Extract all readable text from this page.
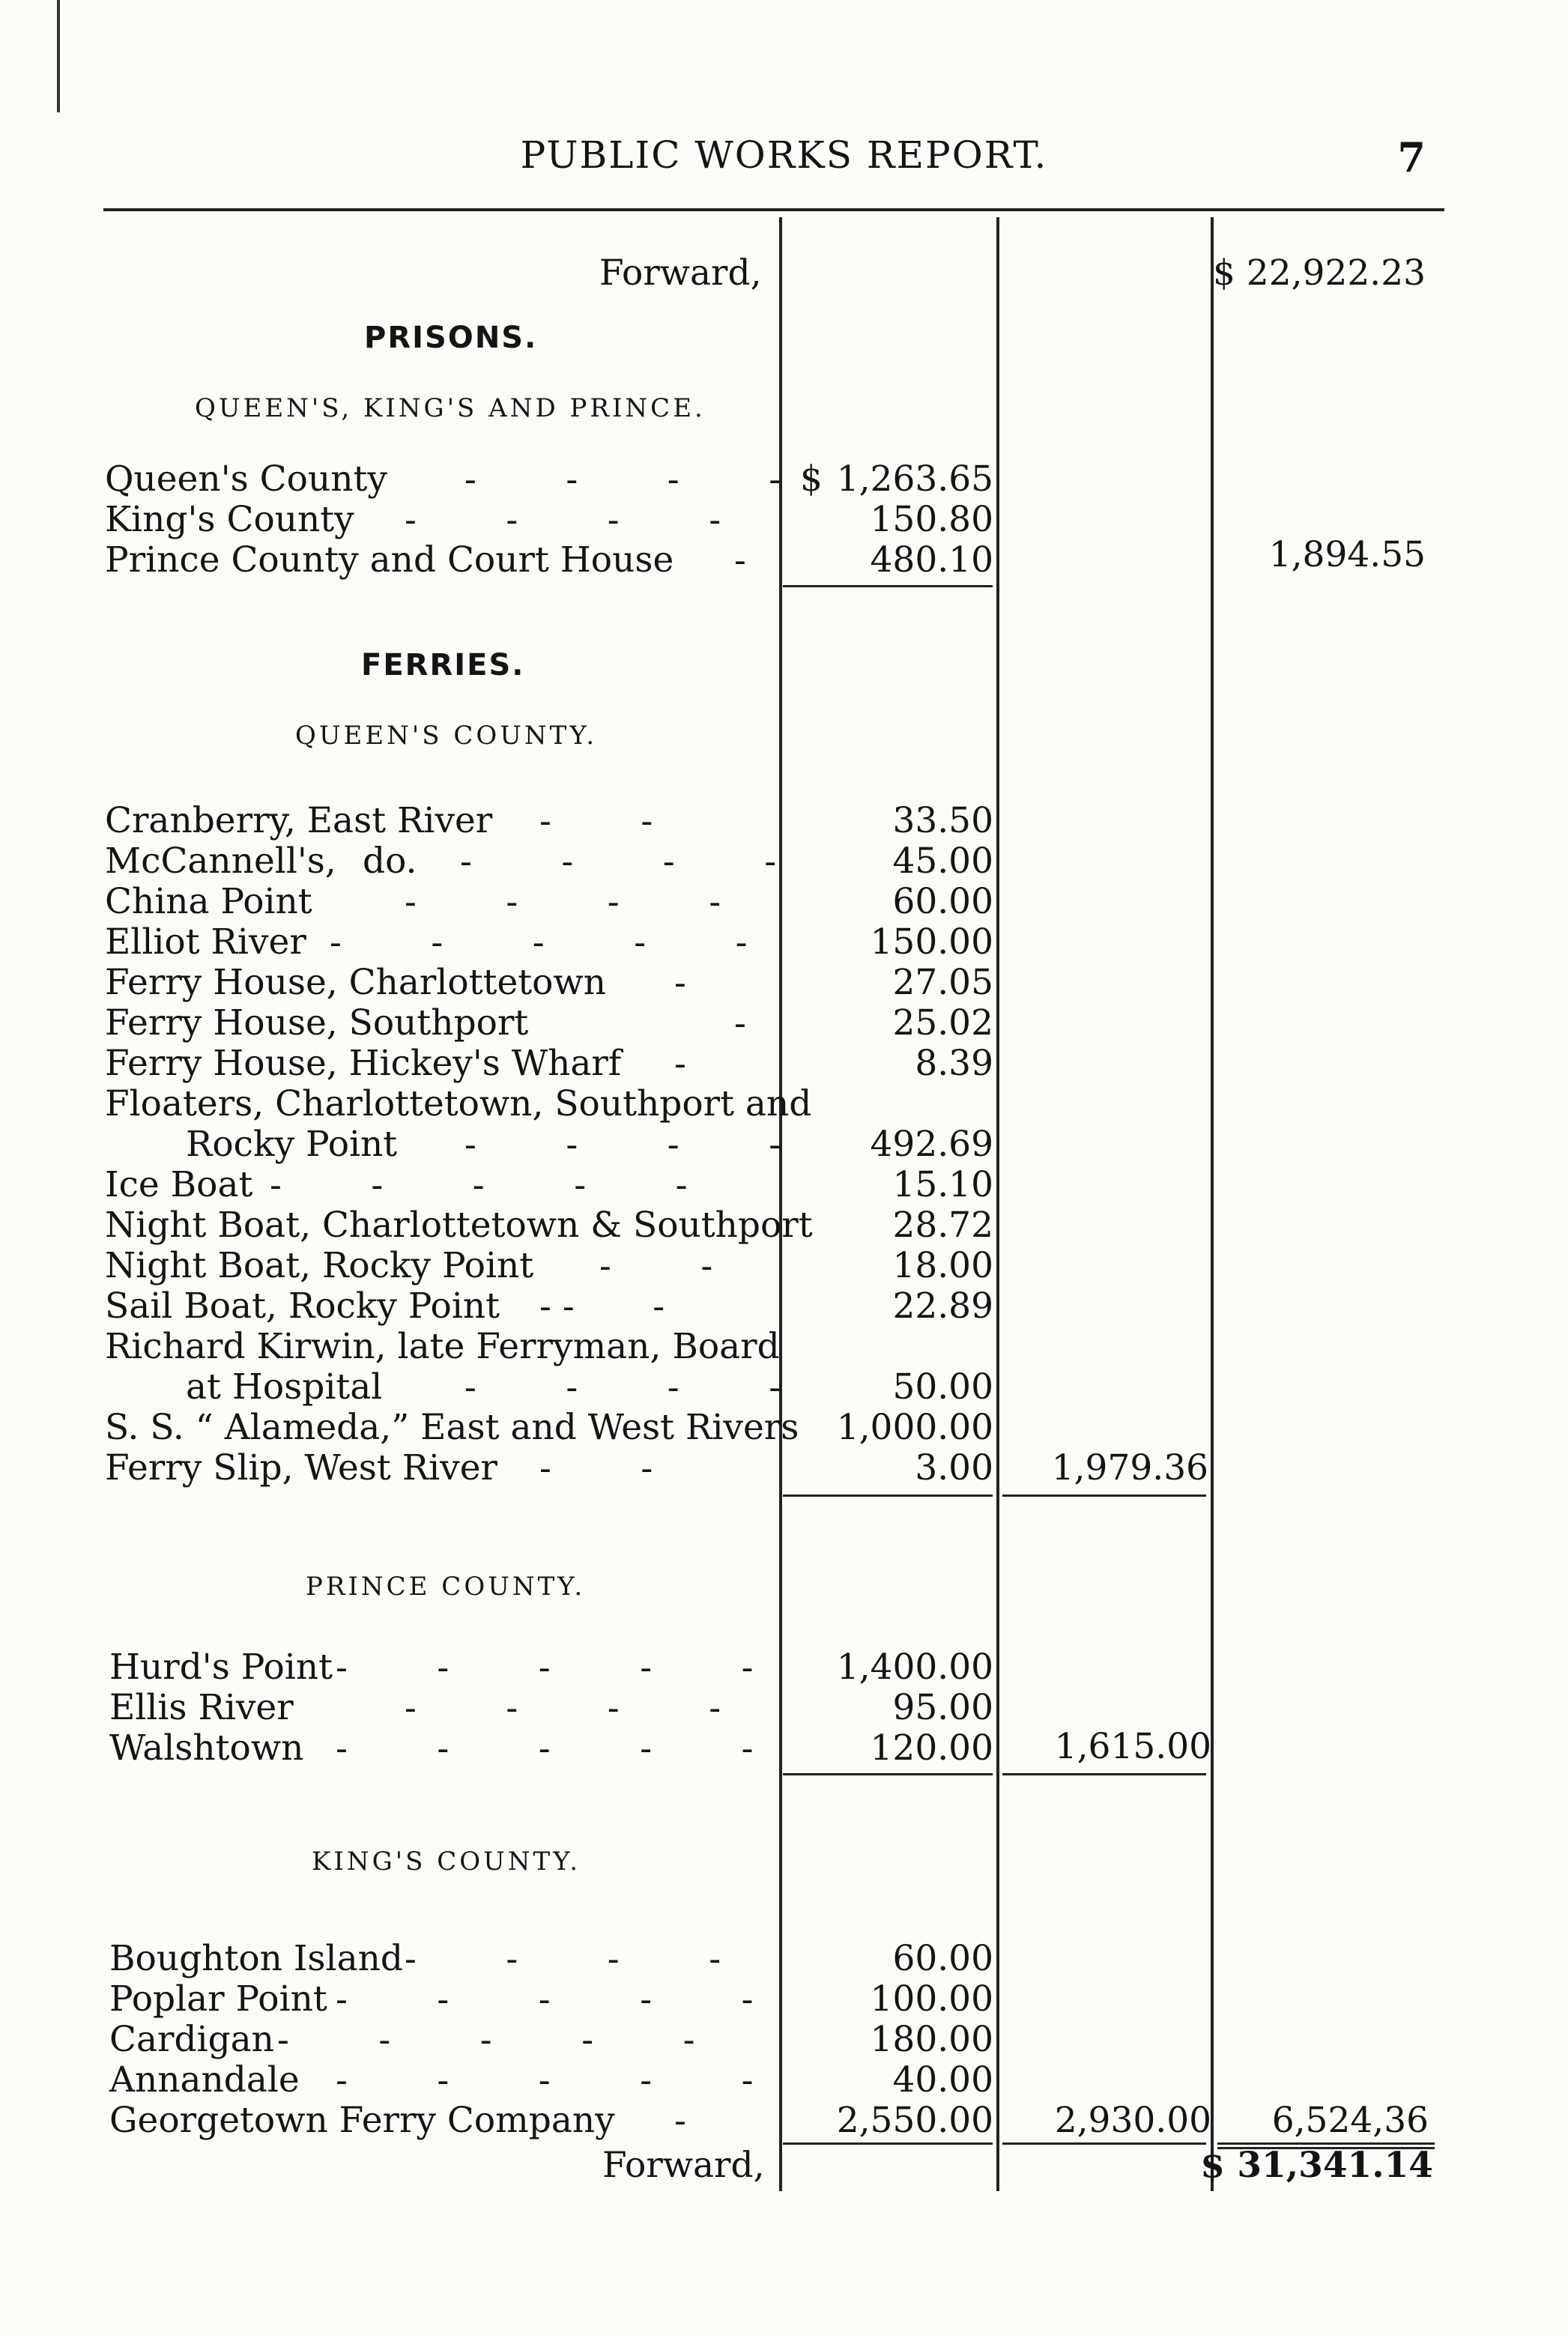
PUBLIC WORKS REPORT.	7
Forward,	$ 22,922.23
PRISONS.
QUEEN'S, KING'S AND PRINCE.
Queen's County -        -        -        - $ 1,263.65
King's County -        -        -        -	150.80
Prince County and Court House -	480.10	1,894.55
FERRIES.
QUEEN'S COUNTY.
Cranberry, East River -        -	33.50
McCannell's, do. -        -        -        -	45.00
China Point	-        -        -        -	60.00
Elliot River -        -        -        -        -	150.00
Ferry House, Charlottetown -	27.05
Ferry House, Southport	-	25.02
Ferry House, Hickey's Wharf -	8.39
Floaters, Charlottetown, Southport and
Rocky Point -        -        -        -	492.69
Ice Boat -        -        -        -        -	15.10
Night Boat, Charlottetown & Southport 28.72
Night Boat, Rocky Point -        -	18.00
Sail Boat, Rocky Point - -       -	22.89
Richard Kirwin, late Ferryman, Board
at Hospital -        -        -        -	50.00
S. S. “ Alameda,” East and West Rivers 1,000.00
Ferry Slip, West River -        -	3.00 1,979.36
PRINCE COUNTY.
Hurd's Point -        -        -        -        - 1,400.00
Ellis River	-        -        -        -	95.00
Walshtown -        -        -        -        -	120.00 1,615.00
KING'S COUNTY.
Boughton Island -        -        -        -	60.00
Poplar Point -        -        -        -        -	100.00
Cardigan -        -        -        -        -	180.00
Annandale -        -        -        -        -	40.00
Georgetown Ferry Company -	2,550.00 2,930.00 6,524,36
Forward,	$ 31,341.14
